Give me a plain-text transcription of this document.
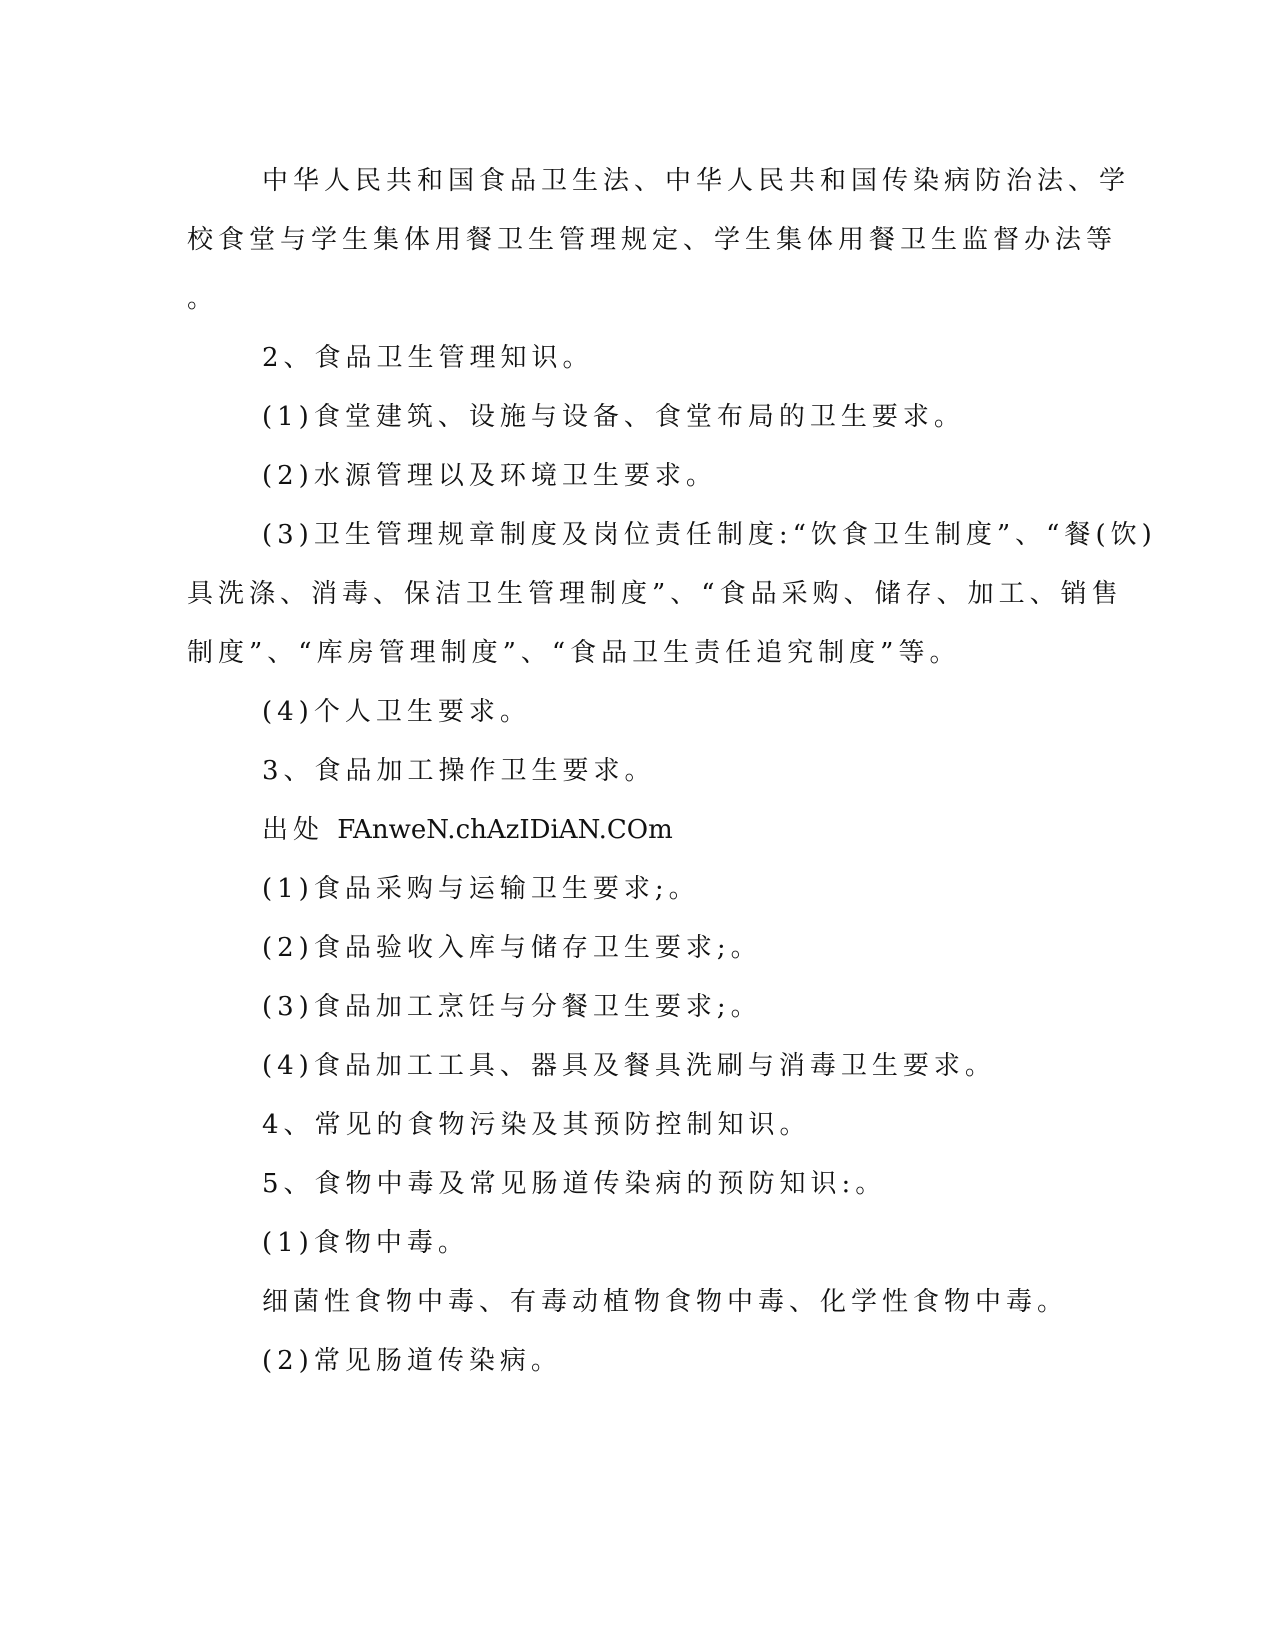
中华人民共和国食品卫生法、中华人民共和国传染病防治法、学
校食堂与学生集体用餐卫生管理规定、学生集体用餐卫生监督办法等
。
2、食品卫生管理知识。
(1)食堂建筑、设施与设备、食堂布局的卫生要求。
(2)水源管理以及环境卫生要求。
(3)卫生管理规章制度及岗位责任制度:“饮食卫生制度”、“餐(饮)
具洗涤、消毒、保洁卫生管理制度”、“食品采购、储存、加工、销售
制度”、“库房管理制度”、“食品卫生责任追究制度”等。
(4)个人卫生要求。
3、食品加工操作卫生要求。
出处 FAnweN.chAzIDiAN.COm
(1)食品采购与运输卫生要求;。
(2)食品验收入库与储存卫生要求;。
(3)食品加工烹饪与分餐卫生要求;。
(4)食品加工工具、器具及餐具洗刷与消毒卫生要求。
4、常见的食物污染及其预防控制知识。
5、食物中毒及常见肠道传染病的预防知识:。
(1)食物中毒。
细菌性食物中毒、有毒动植物食物中毒、化学性食物中毒。
(2)常见肠道传染病。
